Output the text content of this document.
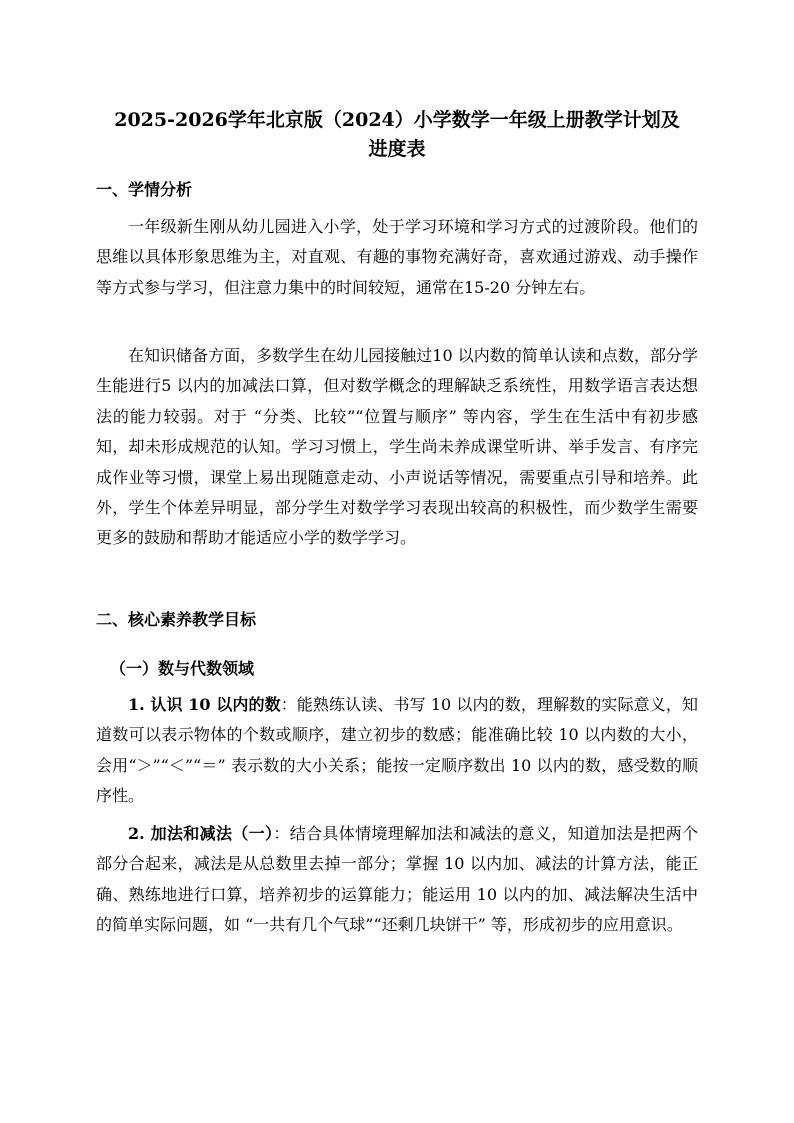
2025-2026学年北京版（2024）小学数学一年级上册教学计划及
进度表
一、学情分析

一年级新生刚从幼儿园进入小学，处于学习环境和学习方式的过渡阶段。他们的思维以具体形象思维为主，对直观、有趣的事物充满好奇，喜欢通过游戏、动手操作等方式参与学习，但注意力集中的时间较短，通常在15-20 分钟左右。

在知识储备方面，多数学生在幼儿园接触过10 以内数的简单认读和点数，部分学生能进行5 以内的加减法口算，但对数学概念的理解缺乏系统性，用数学语言表达想法的能力较弱。对于 “分类、比较”“位置与顺序” 等内容，学生在生活中有初步感知，却未形成规范的认知。学习习惯上，学生尚未养成课堂听讲、举手发言、有序完成作业等习惯，课堂上易出现随意走动、小声说话等情况，需要重点引导和培养。此外，学生个体差异明显，部分学生对数学学习表现出较高的积极性，而少数学生需要更多的鼓励和帮助才能适应小学的数学学习。

二、核心素养教学目标
（一）数与代数领域

1. 认识 10 以内的数：能熟练认读、书写 10 以内的数，理解数的实际意义，知道数可以表示物体的个数或顺序，建立初步的数感；能准确比较 10 以内数的大小，会用“＞”“＜”“＝” 表示数的大小关系；能按一定顺序数出 10 以内的数，感受数的顺序性。

2. 加法和减法（一）：结合具体情境理解加法和减法的意义，知道加法是把两个部分合起来，减法是从总数里去掉一部分；掌握 10 以内加、减法的计算方法，能正确、熟练地进行口算，培养初步的运算能力；能运用 10 以内的加、减法解决生活中的简单实际问题，如 “一共有几个气球”“还剩几块饼干” 等，形成初步的应用意识。
